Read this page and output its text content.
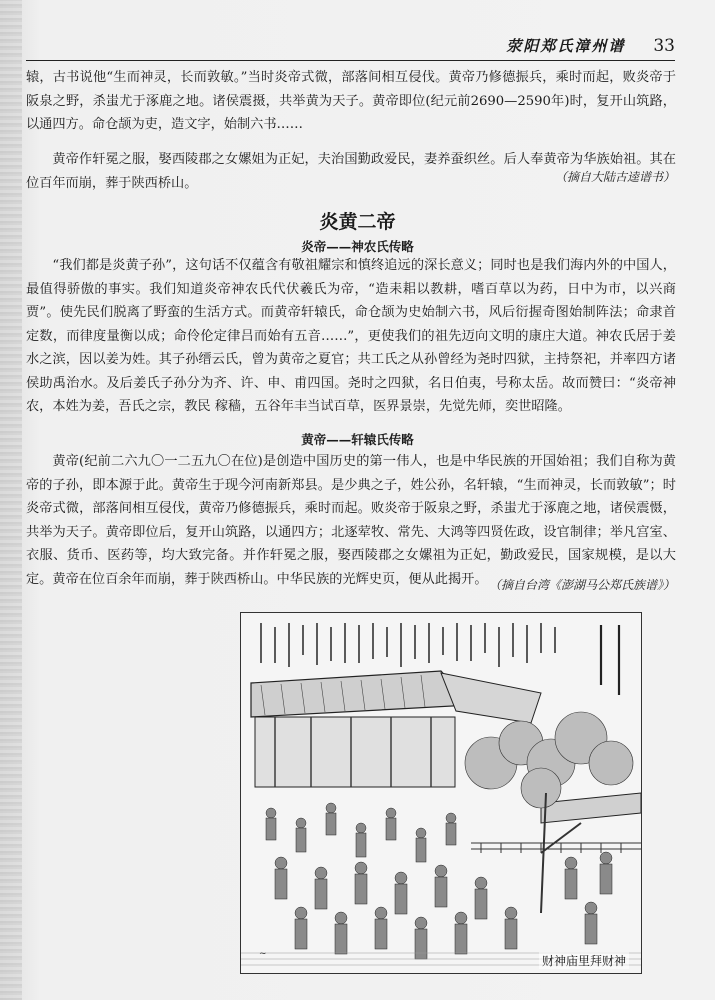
荥阳郑氏漳州谱 33

辕，古书说他“生而神灵，长而敦敏。”当时炎帝式微，部落间相互侵伐。黄帝乃修德振兵，乘时而起，败炎帝于阪泉之野，杀蚩尤于涿鹿之地。诸侯震摄，共举黄为天子。黄帝即位(纪元前2690—2590年)时，复开山筑路，以通四方。命仓颉为吏，造文字，始制六书……

黄帝作轩冕之服，娶西陵郡之女嫘姐为正妃，夫治国勤政爱民，妻养蚕织丝。后人奉黄帝为华族始祖。其在位百年而崩，葬于陕西桥山。	（摘自大陆古逵谱书）

炎黄二帝
炎帝——神农氏传略

“我们都是炎黄子孙”，这句话不仅蕴含有敬祖耀宗和慎终追远的深长意义；同时也是我们海内外的中国人，最值得骄傲的事实。我们知道炎帝神农氏代伏羲氏为帝，“造耒耜以教耕，嗜百草以为药，日中为市，以兴商贾”。使先民们脱离了野蛮的生活方式。而黄帝轩辕氏，命仓颉为史始制六书，风后衍握奇图始制阵法；命隶首定数，而律度量衡以成；命伶伦定律吕而始有五音……”，更使我们的祖先迈向文明的康庄大道。神农氏居于姜水之滨，因以姜为姓。其子孙缙云氏，曾为黄帝之夏官；共工氏之从孙曾经为尧时四狱，主持祭祀，并率四方诸侯助禹治水。及后姜氏子孙分为齐、许、申、甫四国。尧时之四狱，名日伯夷，号称太岳。故而赞曰：“炎帝神农，本姓为姜，吾氏之宗，教民 稼穑，五谷年丰当试百草，医界景崇，先觉先师，奕世昭隆。

黄帝——轩辕氏传略

黄帝(纪前二六九〇一二五九〇在位)是创造中国历史的第一伟人，也是中华民族的开国始祖；我们自称为黄帝的子孙，即本源于此。黄帝生于现今河南新郑县。是少典之子，姓公孙，名轩辕，“生而神灵，长而敦敏”；时炎帝式微，部落间相互侵伐，黄帝乃修德振兵，乘时而起。败炎帝于阪泉之野，杀蚩尤于涿鹿之地，诸侯震慑，共举为天子。黄帝即位后，复开山筑路，以通四方；北逐荤牧、常先、大鸿等四贤佐政，设官制律；举凡宫室、衣服、货币、医药等，均大致完备。并作轩冕之服，娶西陵郡之女嫘祖为正妃，勤政爱民，国家规模，是以大定。黄帝在位百余年而崩，葬于陕西桥山。中华民族的光辉史页，便从此揭开。 （摘自台湾《澎湖马公郑氏族谱》）

~	财神庙里拜财神
